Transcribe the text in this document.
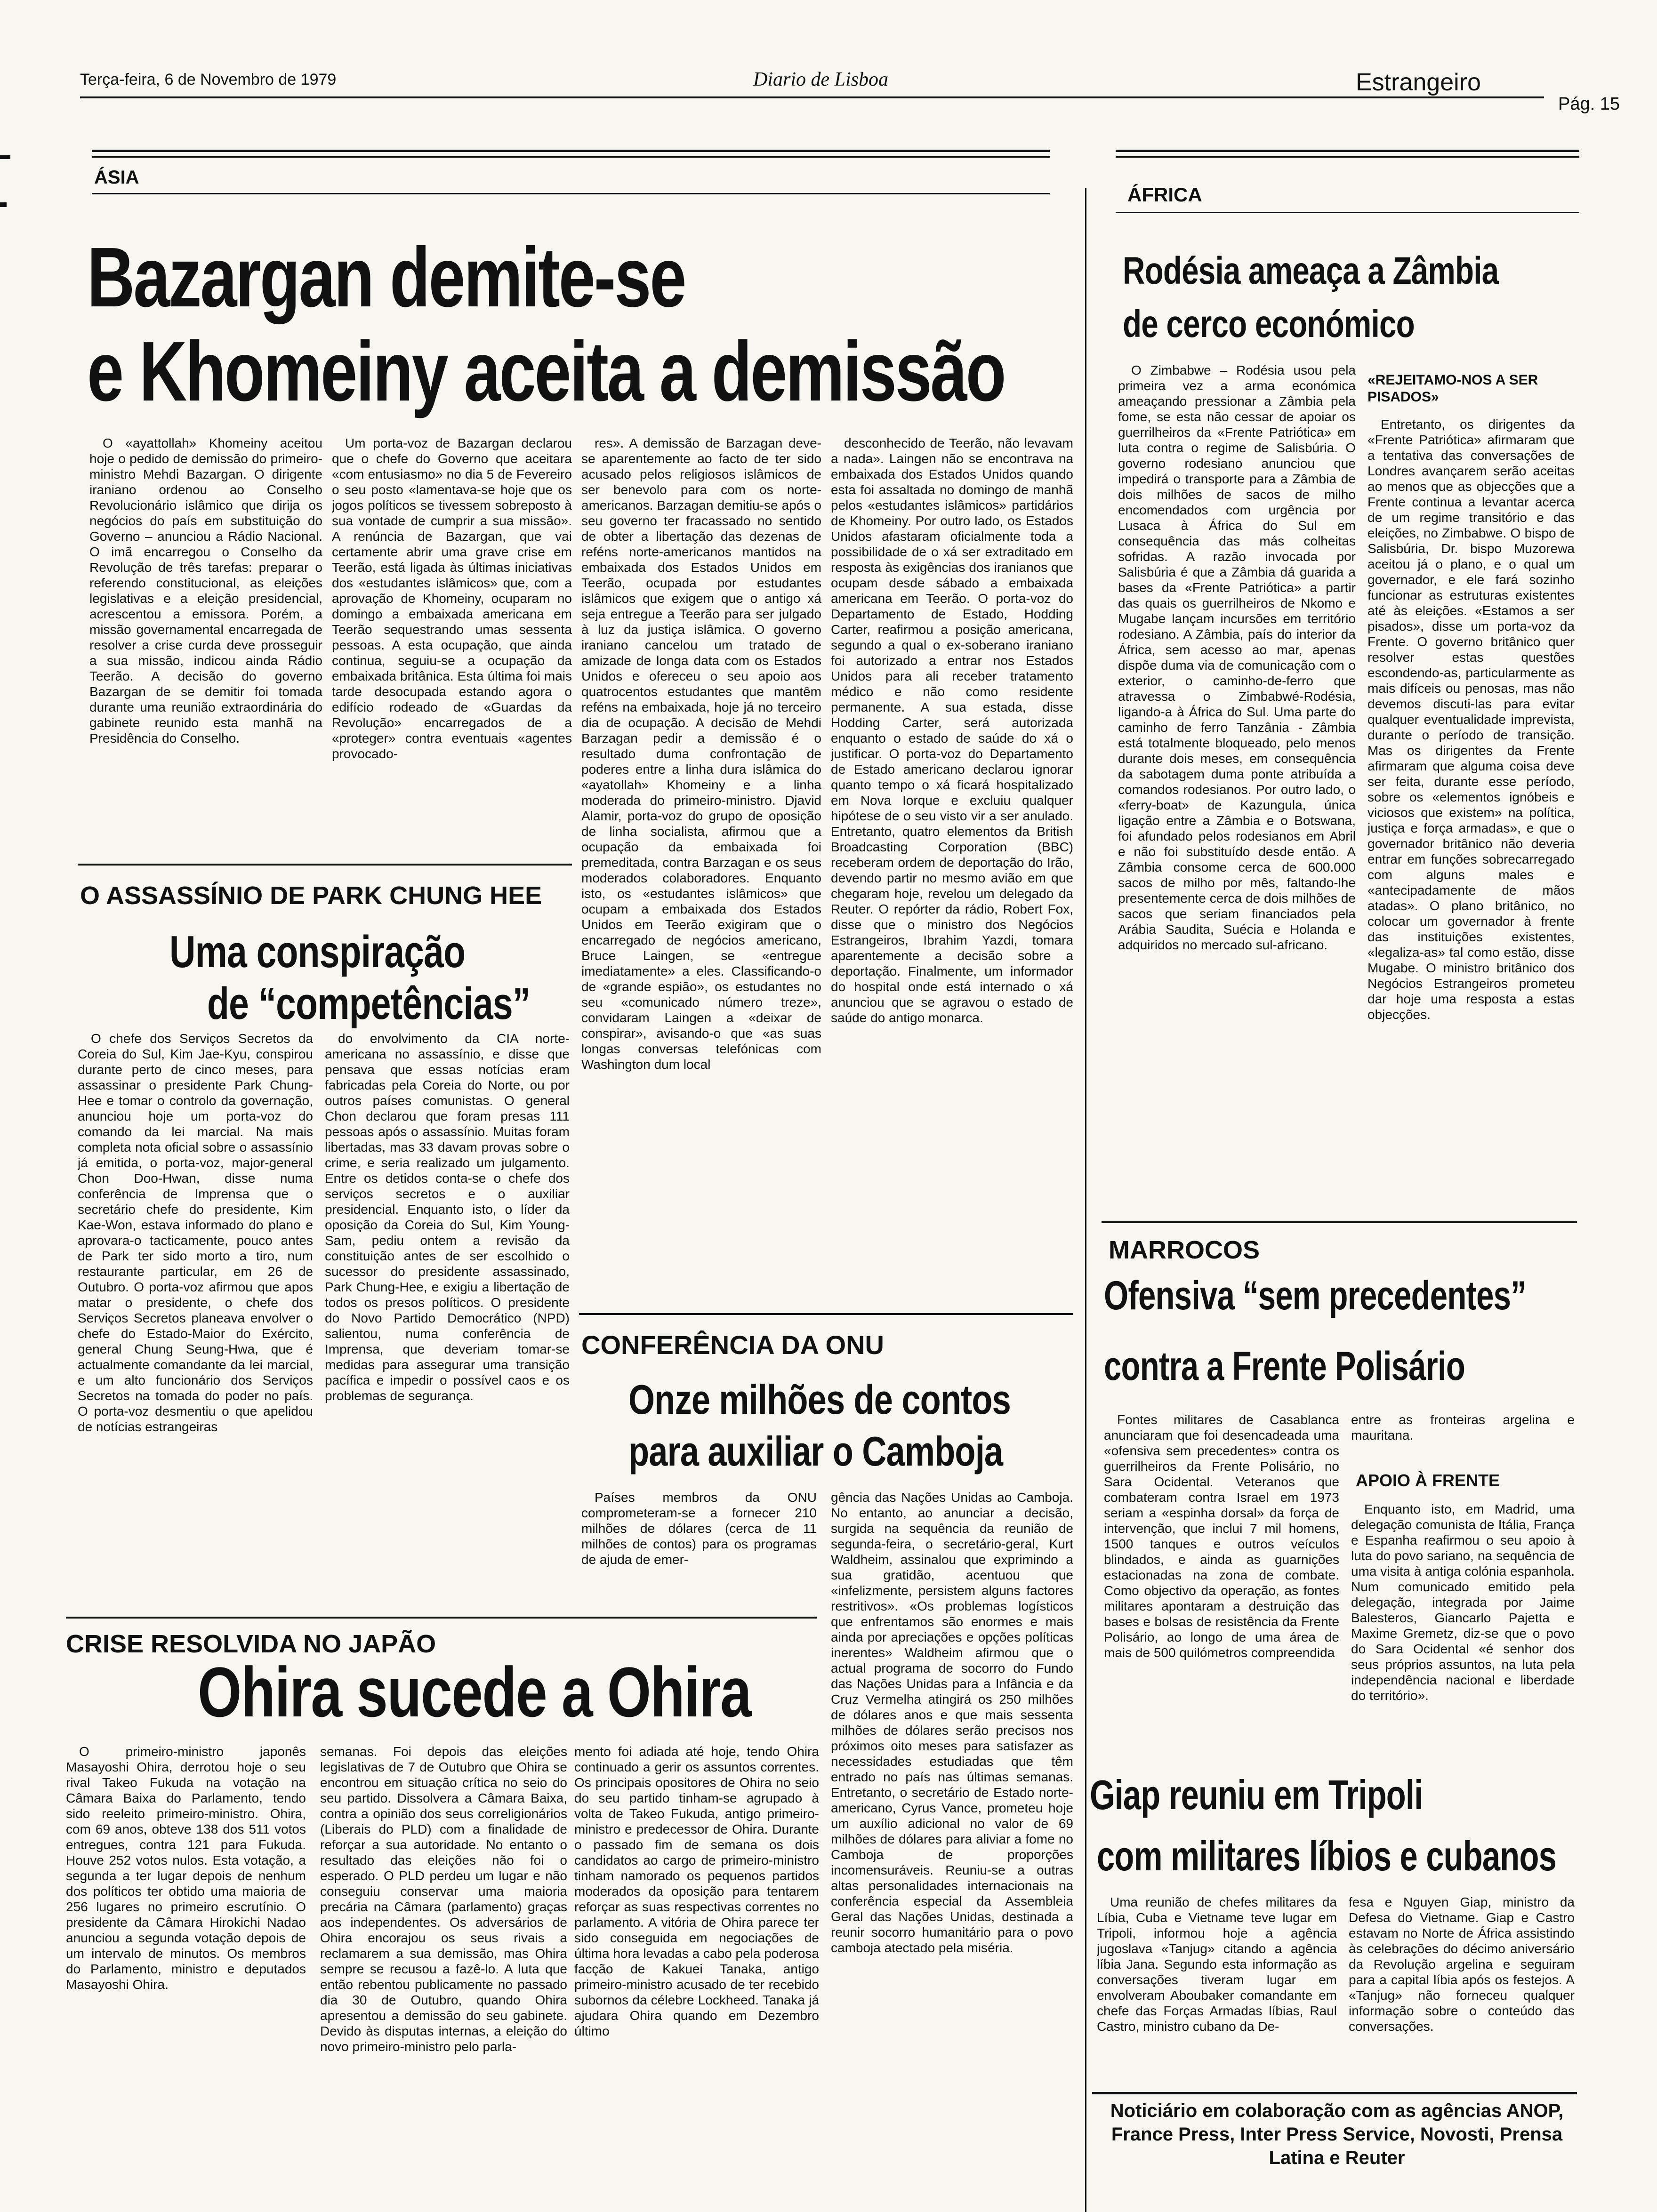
Terça-feira, 6 de Novembro de 1979	Diario de Lisboa	Estrangeiro
Pág. 15
ÁSIA
Bazargan demite-se
e Khomeiny aceita a demissão
O «ayattollah» Khomeiny aceitou hoje o pedido de demissão do primeiro-ministro Mehdi Bazargan. O dirigente iraniano ordenou ao Conselho Revolucionário islâmico que dirija os negócios do país em substituição do Governo – anunciou a Rádio Nacional. O imã encarregou o Conselho da Revolução de três tarefas: preparar o referendo constitucional, as eleições legislativas e a eleição presidencial, acrescentou a emissora. Porém, a missão governamental encarregada de resolver a crise curda deve prosseguir a sua missão, indicou ainda Rádio Teerão. A decisão do governo Bazargan de se demitir foi tomada durante uma reunião extraordinária do gabinete reunido esta manhã na Presidência do Conselho.
Um porta-voz de Bazargan declarou que o chefe do Governo que aceitara «com entusiasmo» no dia 5 de Fevereiro o seu posto «lamentava-se hoje que os jogos políticos se tivessem sobreposto à sua vontade de cumprir a sua missão». A renúncia de Bazargan, que vai certamente abrir uma grave crise em Teerão, está ligada às últimas iniciativas dos «estudantes islâmicos» que, com a aprovação de Khomeiny, ocuparam no domingo a embaixada americana em Teerão sequestrando umas sessenta pessoas. A esta ocupação, que ainda continua, seguiu-se a ocupação da embaixada britânica. Esta última foi mais tarde desocupada estando agora o edifício rodeado de «Guardas da Revolução» encarregados de a «proteger» contra eventuais «agentes provocado-
res». A demissão de Barzagan deve-se aparentemente ao facto de ter sido acusado pelos religiosos islâmicos de ser benevolo para com os norte-americanos. Barzagan demitiu-se após o seu governo ter fracassado no sentido de obter a libertação das dezenas de reféns norte-americanos mantidos na embaixada dos Estados Unidos em Teerão, ocupada por estudantes islâmicos que exigem que o antigo xá seja entregue a Teerão para ser julgado à luz da justiça islâmica. O governo iraniano cancelou um tratado de amizade de longa data com os Estados Unidos e ofereceu o seu apoio aos quatrocentos estudantes que mantêm reféns na embaixada, hoje já no terceiro dia de ocupação. A decisão de Mehdi Barzagan pedir a demissão é o resultado duma confrontação de poderes entre a linha dura islâmica do «ayatollah» Khomeiny e a linha moderada do primeiro-ministro. Djavid Alamir, porta-voz do grupo de oposição de linha socialista, afirmou que a ocupação da embaixada foi premeditada, contra Barzagan e os seus moderados colaboradores. Enquanto isto, os «estudantes islâmicos» que ocupam a embaixada dos Estados Unidos em Teerão exigiram que o encarregado de negócios americano, Bruce Laingen, se «entregue imediatamente» a eles. Classificando-o de «grande espião», os estudantes no seu «comunicado número treze», convidaram Laingen a «deixar de conspirar», avisando-o que «as suas longas conversas telefónicas com Washington dum local
desconhecido de Teerão, não levavam a nada». Laingen não se encontrava na embaixada dos Estados Unidos quando esta foi assaltada no domingo de manhã pelos «estudantes islâmicos» partidários de Khomeiny. Por outro lado, os Estados Unidos afastaram oficialmente toda a possibilidade de o xá ser extraditado em resposta às exigências dos iranianos que ocupam desde sábado a embaixada americana em Teerão. O porta-voz do Departamento de Estado, Hodding Carter, reafirmou a posição americana, segundo a qual o ex-soberano iraniano foi autorizado a entrar nos Estados Unidos para ali receber tratamento médico e não como residente permanente. A sua estada, disse Hodding Carter, será autorizada enquanto o estado de saúde do xá o justificar. O porta-voz do Departamento de Estado americano declarou ignorar quanto tempo o xá ficará hospitalizado em Nova Iorque e excluiu qualquer hipótese de o seu visto vir a ser anulado. Entretanto, quatro elementos da British Broadcasting Corporation (BBC) receberam ordem de deportação do Irão, devendo partir no mesmo avião em que chegaram hoje, revelou um delegado da Reuter. O repórter da rádio, Robert Fox, disse que o ministro dos Negócios Estrangeiros, Ibrahim Yazdi, tomara aparentemente a decisão sobre a deportação. Finalmente, um informador do hospital onde está internado o xá anunciou que se agravou o estado de saúde do antigo monarca.
O ASSASSÍNIO DE PARK CHUNG HEE
Uma conspiração
de “competências”
O chefe dos Serviços Secretos da Coreia do Sul, Kim Jae-Kyu, conspirou durante perto de cinco meses, para assassinar o presidente Park Chung-Hee e tomar o controlo da governação, anunciou hoje um porta-voz do comando da lei marcial. Na mais completa nota oficial sobre o assassínio já emitida, o porta-voz, major-general Chon Doo-Hwan, disse numa conferência de Imprensa que o secretário chefe do presidente, Kim Kae-Won, estava informado do plano e aprovara-o tacticamente, pouco antes de Park ter sido morto a tiro, num restaurante particular, em 26 de Outubro. O porta-voz afirmou que apos matar o presidente, o chefe dos Serviços Secretos planeava envolver o chefe do Estado-Maior do Exército, general Chung Seung-Hwa, que é actualmente comandante da lei marcial, e um alto funcionário dos Serviços Secretos na tomada do poder no país. O porta-voz desmentiu o que apelidou de notícias estrangeiras
do envolvimento da CIA norte-americana no assassínio, e disse que pensava que essas notícias eram fabricadas pela Coreia do Norte, ou por outros países comunistas. O general Chon declarou que foram presas 111 pessoas após o assassínio. Muitas foram libertadas, mas 33 davam provas sobre o crime, e seria realizado um julgamento. Entre os detidos conta-se o chefe dos serviços secretos e o auxiliar presidencial. Enquanto isto, o líder da oposição da Coreia do Sul, Kim Young-Sam, pediu ontem a revisão da constituição antes de ser escolhido o sucessor do presidente assassinado, Park Chung-Hee, e exigiu a libertação de todos os presos políticos. O presidente do Novo Partido Democrático (NPD) salientou, numa conferência de Imprensa, que deveriam tomar-se medidas para assegurar uma transição pacífica e impedir o possível caos e os problemas de segurança.
CONFERÊNCIA DA ONU
Onze milhões de contos
para auxiliar o Camboja
Países membros da ONU comprometeram-se a fornecer 210 milhões de dólares (cerca de 11 milhões de contos) para os programas de ajuda de emer-
gência das Nações Unidas ao Camboja. No entanto, ao anunciar a decisão, surgida na sequência da reunião de segunda-feira, o secretário-geral, Kurt Waldheim, assinalou que exprimindo a sua gratidão, acentuou que «infelizmente, persistem alguns factores restritivos». «Os problemas logísticos que enfrentamos são enormes e mais ainda por apreciações e opções políticas inerentes» Waldheim afirmou que o actual programa de socorro do Fundo das Nações Unidas para a Infância e da Cruz Vermelha atingirá os 250 milhões de dólares anos e que mais sessenta milhões de dólares serão precisos nos próximos oito meses para satisfazer as necessidades estudiadas que têm entrado no país nas últimas semanas. Entretanto, o secretário de Estado norte-americano, Cyrus Vance, prometeu hoje um auxílio adicional no valor de 69 milhões de dólares para aliviar a fome no Camboja de proporções incomensuráveis. Reuniu-se a outras altas personalidades internacionais na conferência especial da Assembleia Geral das Nações Unidas, destinada a reunir socorro humanitário para o povo camboja atectado pela miséria.
CRISE RESOLVIDA NO JAPÃO
Ohira sucede a Ohira
O primeiro-ministro japonês Masayoshi Ohira, derrotou hoje o seu rival Takeo Fukuda na votação na Câmara Baixa do Parlamento, tendo sido reeleito primeiro-ministro. Ohira, com 69 anos, obteve 138 dos 511 votos entregues, contra 121 para Fukuda. Houve 252 votos nulos. Esta votação, a segunda a ter lugar depois de nenhum dos políticos ter obtido uma maioria de 256 lugares no primeiro escrutínio. O presidente da Câmara Hirokichi Nadao anunciou a segunda votação depois de um intervalo de minutos. Os membros do Parlamento, ministro e deputados Masayoshi Ohira.
semanas. Foi depois das eleições legislativas de 7 de Outubro que Ohira se encontrou em situação crítica no seio do seu partido. Dissolvera a Câmara Baixa, contra a opinião dos seus correligionários (Liberais do PLD) com a finalidade de reforçar a sua autoridade. No entanto o resultado das eleições não foi o esperado. O PLD perdeu um lugar e não conseguiu conservar uma maioria precária na Câmara (parlamento) graças aos independentes. Os adversários de Ohira encorajou os seus rivais a reclamarem a sua demissão, mas Ohira sempre se recusou a fazê-lo. A luta que então rebentou publicamente no passado dia 30 de Outubro, quando Ohira apresentou a demissão do seu gabinete. Devido às disputas internas, a eleição do novo primeiro-ministro pelo parla-
mento foi adiada até hoje, tendo Ohira continuado a gerir os assuntos correntes. Os principais opositores de Ohira no seio do seu partido tinham-se agrupado à volta de Takeo Fukuda, antigo primeiro-ministro e predecessor de Ohira. Durante o passado fim de semana os dois candidatos ao cargo de primeiro-ministro tinham namorado os pequenos partidos moderados da oposição para tentarem reforçar as suas respectivas correntes no parlamento. A vitória de Ohira parece ter sido conseguida em negociações de última hora levadas a cabo pela poderosa facção de Kakuei Tanaka, antigo primeiro-ministro acusado de ter recebido subornos da célebre Lockheed. Tanaka já ajudara Ohira quando em Dezembro último
ÁFRICA
Rodésia ameaça a Zâmbia
de cerco económico
O Zimbabwe – Rodésia usou pela primeira vez a arma económica ameaçando pressionar a Zâmbia pela fome, se esta não cessar de apoiar os guerrilheiros da «Frente Patriótica» em luta contra o regime de Salisbúria. O governo rodesiano anunciou que impedirá o transporte para a Zâmbia de dois milhões de sacos de milho encomendados com urgência por Lusaca à África do Sul em consequência das más colheitas sofridas. A razão invocada por Salisbúria é que a Zâmbia dá guarida a bases da «Frente Patriótica» a partir das quais os guerrilheiros de Nkomo e Mugabe lançam incursões em território rodesiano. A Zâmbia, país do interior da África, sem acesso ao mar, apenas dispõe duma via de comunicação com o exterior, o caminho-de-ferro que atravessa o Zimbabwé-Rodésia, ligando-a à África do Sul. Uma parte do caminho de ferro Tanzânia - Zâmbia está totalmente bloqueado, pelo menos durante dois meses, em consequência da sabotagem duma ponte atribuída a comandos rodesianos. Por outro lado, o «ferry-boat» de Kazungula, única ligação entre a Zâmbia e o Botswana, foi afundado pelos rodesianos em Abril e não foi substituído desde então. A Zâmbia consome cerca de 600.000 sacos de milho por mês, faltando-lhe presentemente cerca de dois milhões de sacos que seriam financiados pela Arábia Saudita, Suécia e Holanda e adquiridos no mercado sul-africano.
«REJEITAMO-NOS A SER PISADOS»
Entretanto, os dirigentes da «Frente Patriótica» afirmaram que a tentativa das conversações de Londres avançarem serão aceitas ao menos que as objecções que a Frente continua a levantar acerca de um regime transitório e das eleições, no Zimbabwe. O bispo de Salisbúria, Dr. bispo Muzorewa aceitou já o plano, e o qual um governador, e ele fará sozinho funcionar as estruturas existentes até às eleições. «Estamos a ser pisados», disse um porta-voz da Frente. O governo britânico quer resolver estas questões escondendo-as, particularmente as mais difíceis ou penosas, mas não devemos discuti-las para evitar qualquer eventualidade imprevista, durante o período de transição. Mas os dirigentes da Frente afirmaram que alguma coisa deve ser feita, durante esse período, sobre os «elementos ignóbeis e viciosos que existem» na política, justiça e força armadas», e que o governador britânico não deveria entrar em funções sobrecarregado com alguns males e «antecipadamente de mãos atadas». O plano britânico, no colocar um governador à frente das instituições existentes, «legaliza-as» tal como estão, disse Mugabe. O ministro britânico dos Negócios Estrangeiros prometeu dar hoje uma resposta a estas objecções.
MARROCOS
Ofensiva “sem precedentes”
contra a Frente Polisário
Fontes militares de Casablanca anunciaram que foi desencadeada uma «ofensiva sem precedentes» contra os guerrilheiros da Frente Polisário, no Sara Ocidental. Veteranos que combateram contra Israel em 1973 seriam a «espinha dorsal» da força de intervenção, que inclui 7 mil homens, 1500 tanques e outros veículos blindados, e ainda as guarnições estacionadas na zona de combate. Como objectivo da operação, as fontes militares apontaram a destruição das bases e bolsas de resistência da Frente Polisário, ao longo de uma área de mais de 500 quilómetros compreendida
entre as fronteiras argelina e mauritana.
APOIO À FRENTE
Enquanto isto, em Madrid, uma delegação comunista de Itália, França e Espanha reafirmou o seu apoio à luta do povo sariano, na sequência de uma visita à antiga colónia espanhola. Num comunicado emitido pela delegação, integrada por Jaime Balesteros, Giancarlo Pajetta e Maxime Gremetz, diz-se que o povo do Sara Ocidental «é senhor dos seus próprios assuntos, na luta pela independência nacional e liberdade do território».
Giap reuniu em Tripoli
com militares líbios e cubanos
Uma reunião de chefes militares da Líbia, Cuba e Vietname teve lugar em Tripoli, informou hoje a agência jugoslava «Tanjug» citando a agência líbia Jana. Segundo esta informação as conversações tiveram lugar em envolveram Aboubaker comandante em chefe das Forças Armadas líbias, Raul Castro, ministro cubano da De-
fesa e Nguyen Giap, ministro da Defesa do Vietname. Giap e Castro estavam no Norte de África assistindo às celebrações do décimo aniversário da Revolução argelina e seguiram para a capital líbia após os festejos. A «Tanjug» não forneceu qualquer informação sobre o conteúdo das conversações.
Noticiário em colaboração com as agências ANOP, France Press, Inter Press Service, Novosti, Prensa Latina e Reuter
